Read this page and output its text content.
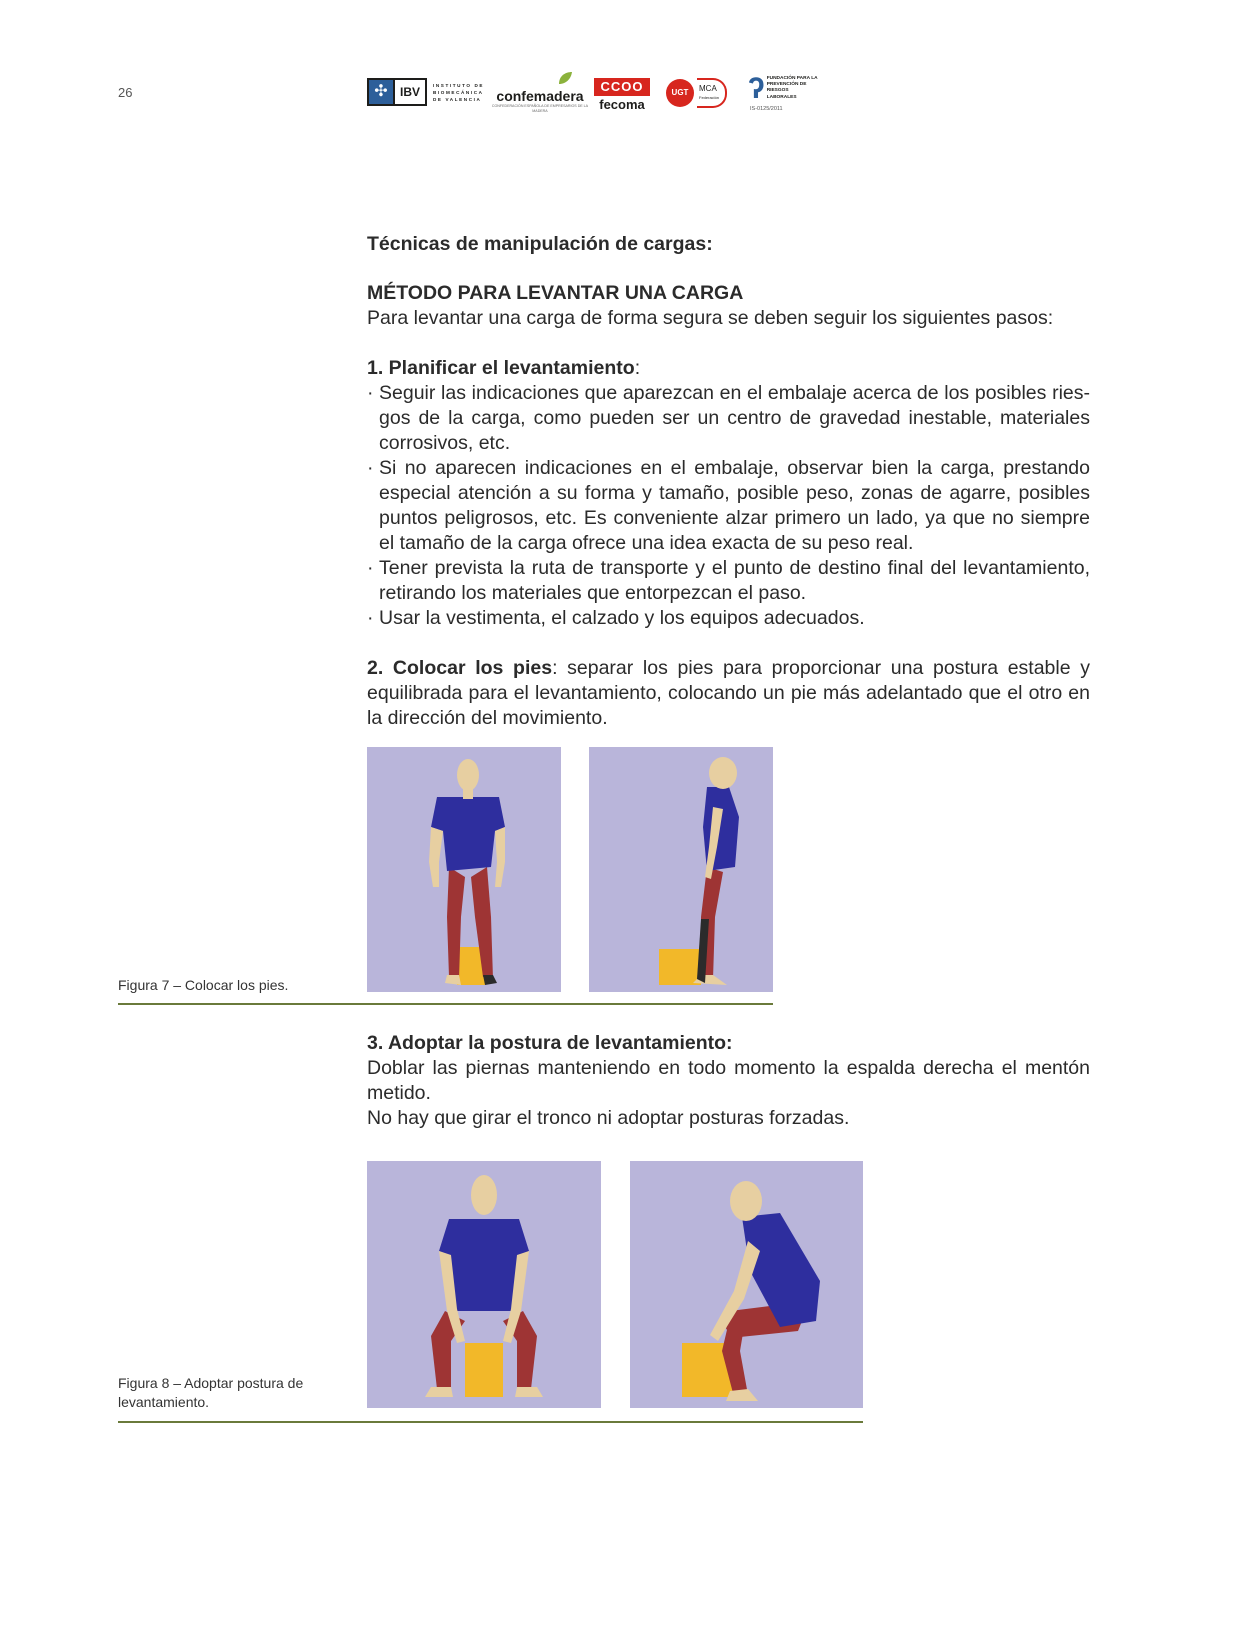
26	✣	IBV	INSTITUTO DE BIOMECÁNICA DE VALENCIA	confemadera
CONFEDERACIÓN ESPAÑOLA DE EMPRESARIOS DE LA MADERA
CCOO
fecoma
UGT	MCA
Federación ʔ FUNDACIÓN PARA LA PREVENCIÓN DE RIESGOS LABORALES
IS-0125/2011

Técnicas de manipulación de cargas:

MÉTODO PARA LEVANTAR UNA CARGA

Para levantar una carga de forma segura se deben seguir los siguientes pasos:

1. Planificar el levantamiento:

· Seguir las indicaciones que aparezcan en el embalaje acerca de los posibles ries-gos de la carga, como pueden ser un centro de gravedad inestable, materiales corrosivos, etc.
· Si no aparecen indicaciones en el embalaje, observar bien la carga, prestando especial atención a su forma y tamaño, posible peso, zonas de agarre, posibles puntos peligrosos, etc. Es conveniente alzar primero un lado, ya que no siempre el tamaño de la carga ofrece una idea exacta de su peso real.
· Tener prevista la ruta de transporte y el punto de destino final del levantamiento, retirando los materiales que entorpezcan el paso.
· Usar la vestimenta, el calzado y los equipos adecuados.

2. Colocar los pies: separar los pies para proporcionar una postura estable y equilibrada para el levantamiento, colocando un pie más adelantado que el otro en la dirección del movimiento.

Figura 7 – Colocar los pies.

3. Adoptar la postura de levantamiento:

Doblar las piernas manteniendo en todo momento la espalda derecha el mentón metido.

No hay que girar el tronco ni adoptar posturas forzadas.

Figura 8 – Adoptar postura de levantamiento.
